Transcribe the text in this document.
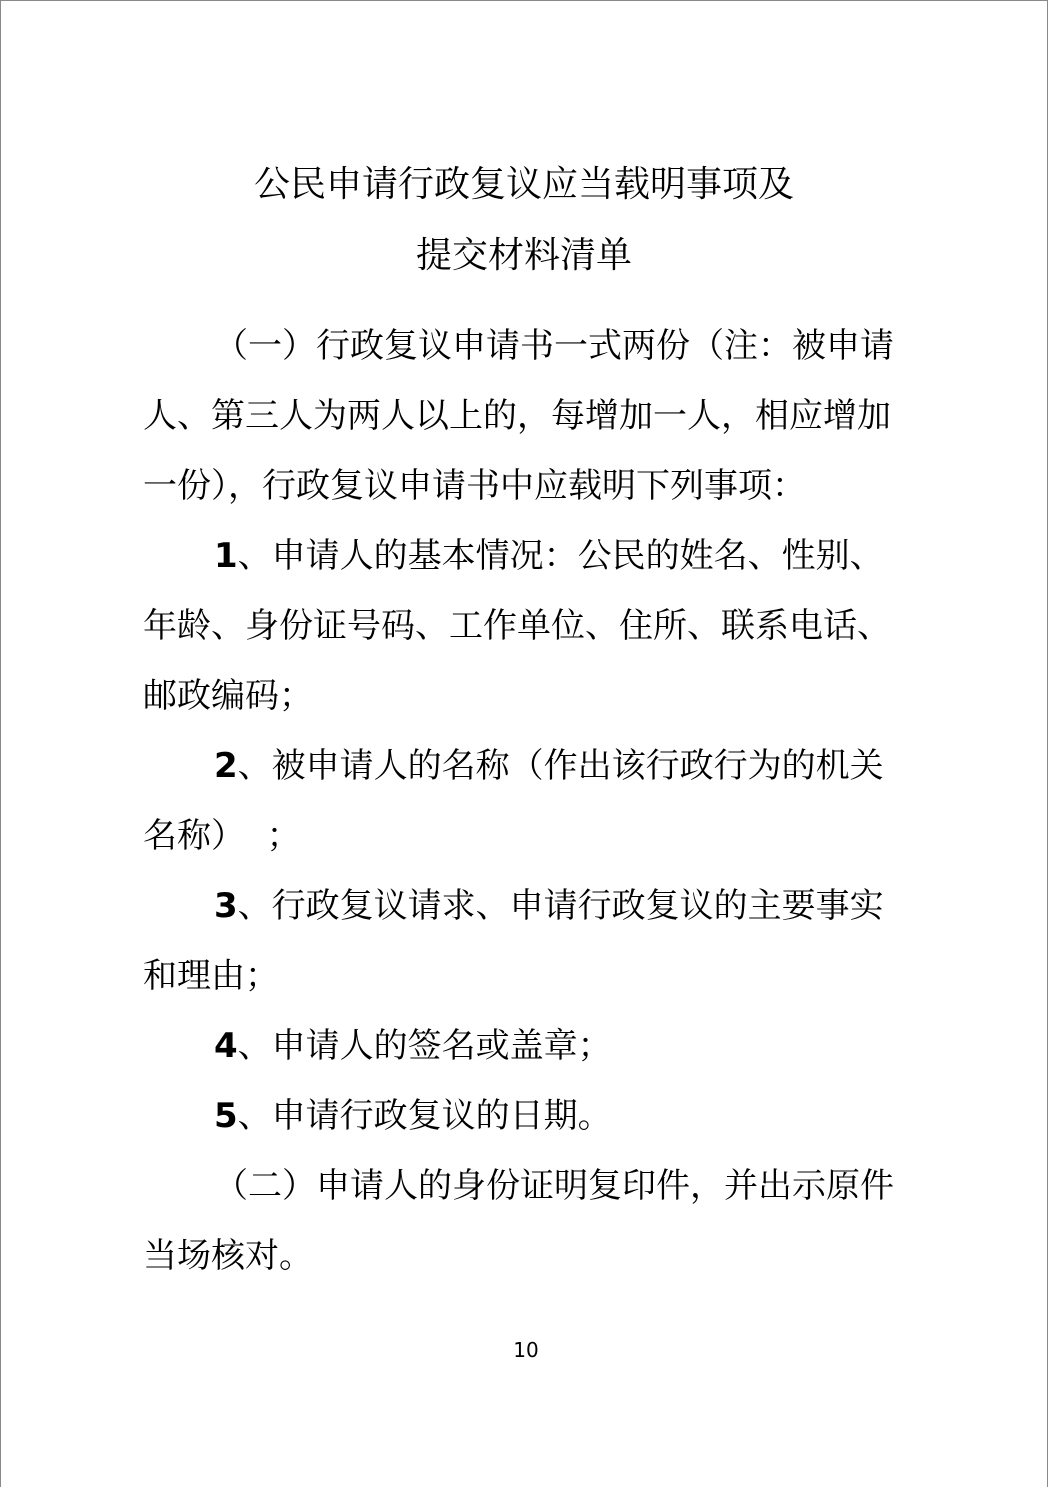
公民申请行政复议应当载明事项及
提交材料清单

（一）行政复议申请书一式两份（注：被申请

人、第三人为两人以上的，每增加一人，相应增加

一份），行政复议申请书中应载明下列事项：

1、申请人的基本情况：公民的姓名、性别、

年龄、身份证号码、工作单位、住所、联系电话、

邮政编码；

2、被申请人的名称（作出该行政行为的机关

名称）  ；

3、行政复议请求、申请行政复议的主要事实

和理由；

4、申请人的签名或盖章；

5、申请行政复议的日期。

（二）申请人的身份证明复印件，并出示原件

当场核对。

10
